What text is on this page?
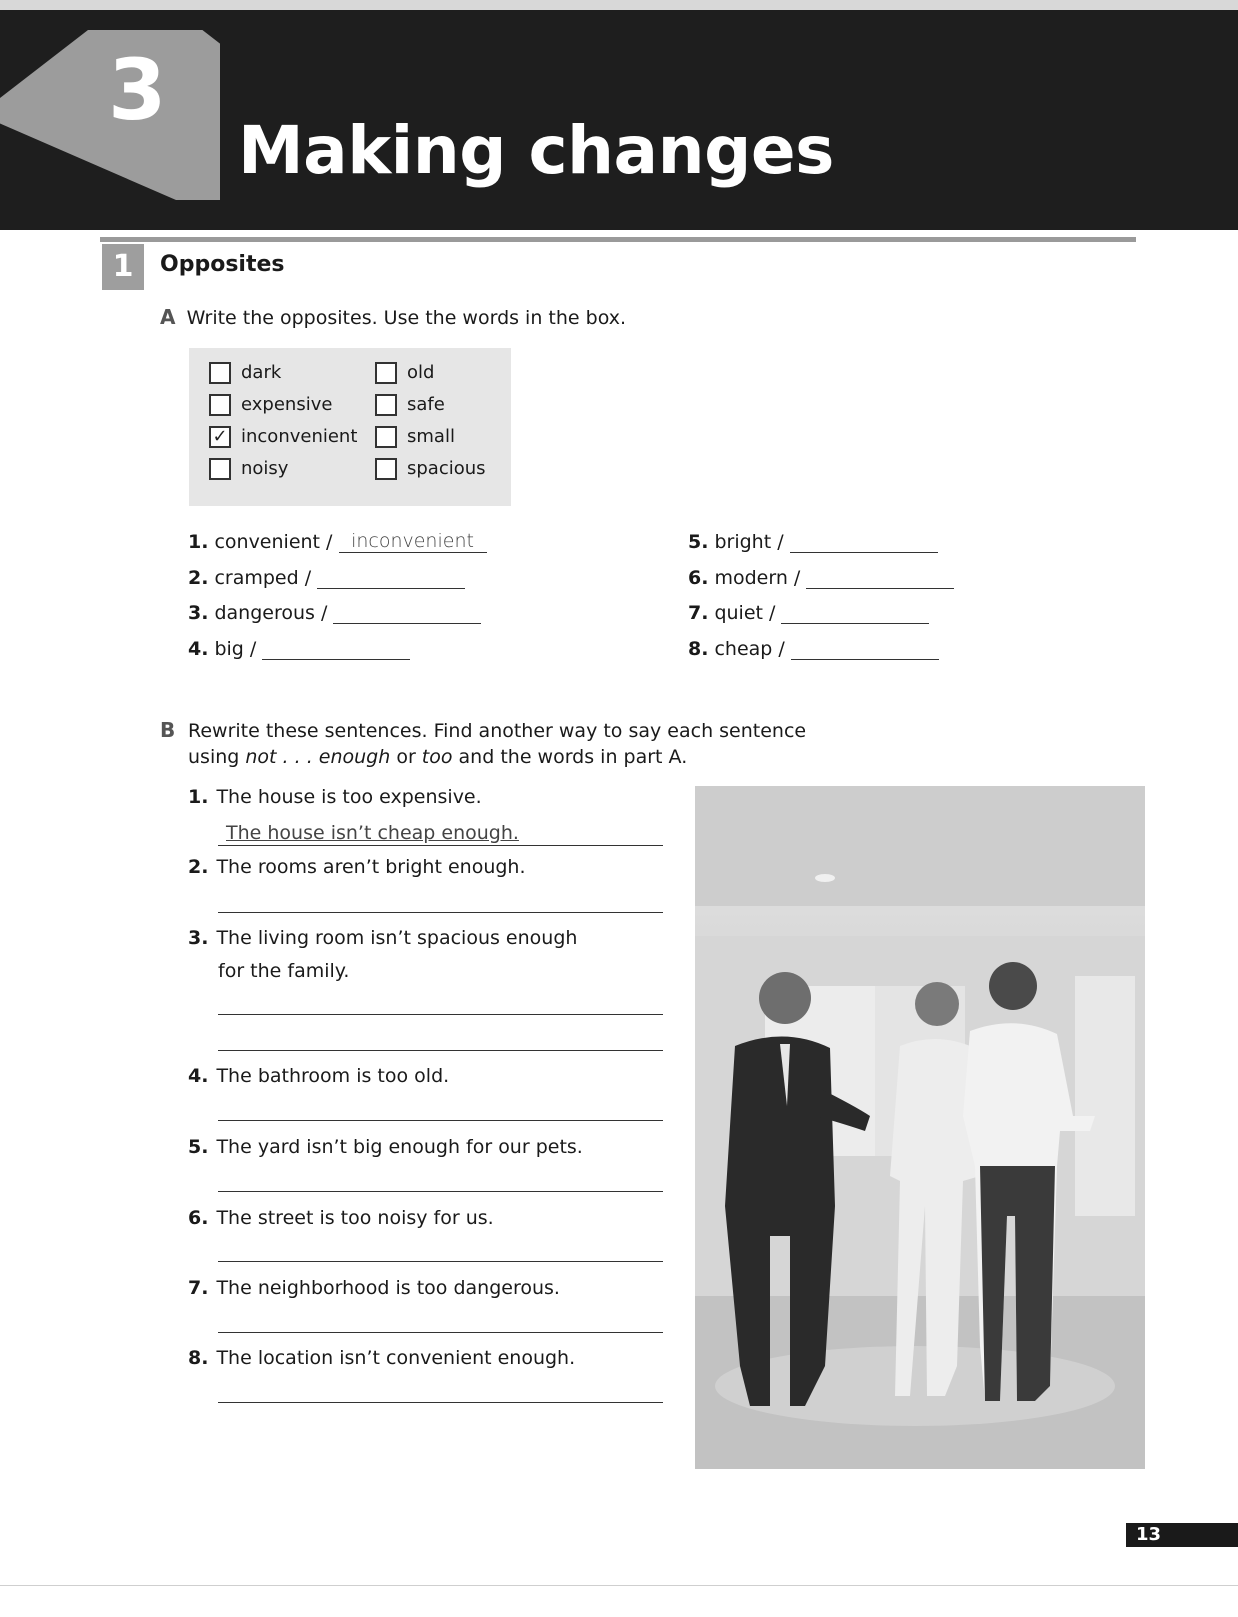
3
Making changes
1	Opposites
A Write the opposites. Use the words in the box.
dark
expensive
✓ inconvenient
noisy
old
safe
small
spacious
1. convenient / inconvenient
2. cramped /
3. dangerous /
4. big /
5. bright /
6. modern /
7. quiet /
8. cheap /
B Rewrite these sentences. Find another way to say each sentence
using not . . . enough or too and the words in part A.
1. The house is too expensive.
The house isn’t cheap enough.
2. The rooms aren’t bright enough.
3. The living room isn’t spacious enough
for the family.
4. The bathroom is too old.
5. The yard isn’t big enough for our pets.
6. The street is too noisy for us.
7. The neighborhood is too dangerous.
8. The location isn’t convenient enough.
13
